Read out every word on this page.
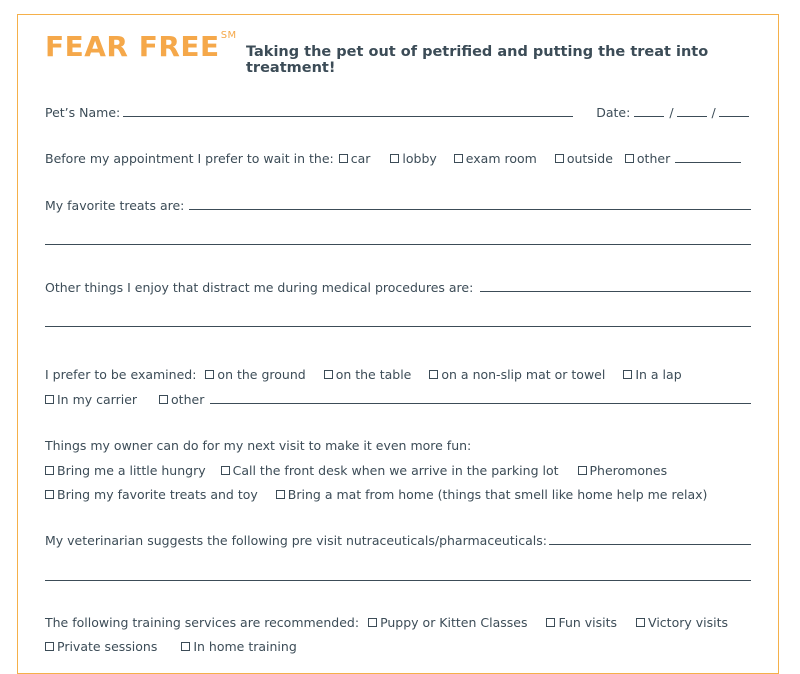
FEAR FREE℠
Taking the pet out of petrified and putting the treat into treatment!
Pet’s Name:	Date:	/	/
Before my appointment I prefer to wait in the: car	lobby exam room outside other
My favorite treats are:
Other things I enjoy that distract me during medical procedures are:
I prefer to be examined: on the ground on the table on a non-slip mat or towel In a lap
In my carrier	other
Things my owner can do for my next visit to make it even more fun:
Bring me a little hungry Call the front desk when we arrive in the parking lot Pheromones
Bring my favorite treats and toy Bring a mat from home (things that smell like home help me relax)
My veterinarian suggests the following pre visit nutraceuticals/pharmaceuticals:
The following training services are recommended: Puppy or Kitten Classes Fun visits Victory visits
Private sessions	In home training
